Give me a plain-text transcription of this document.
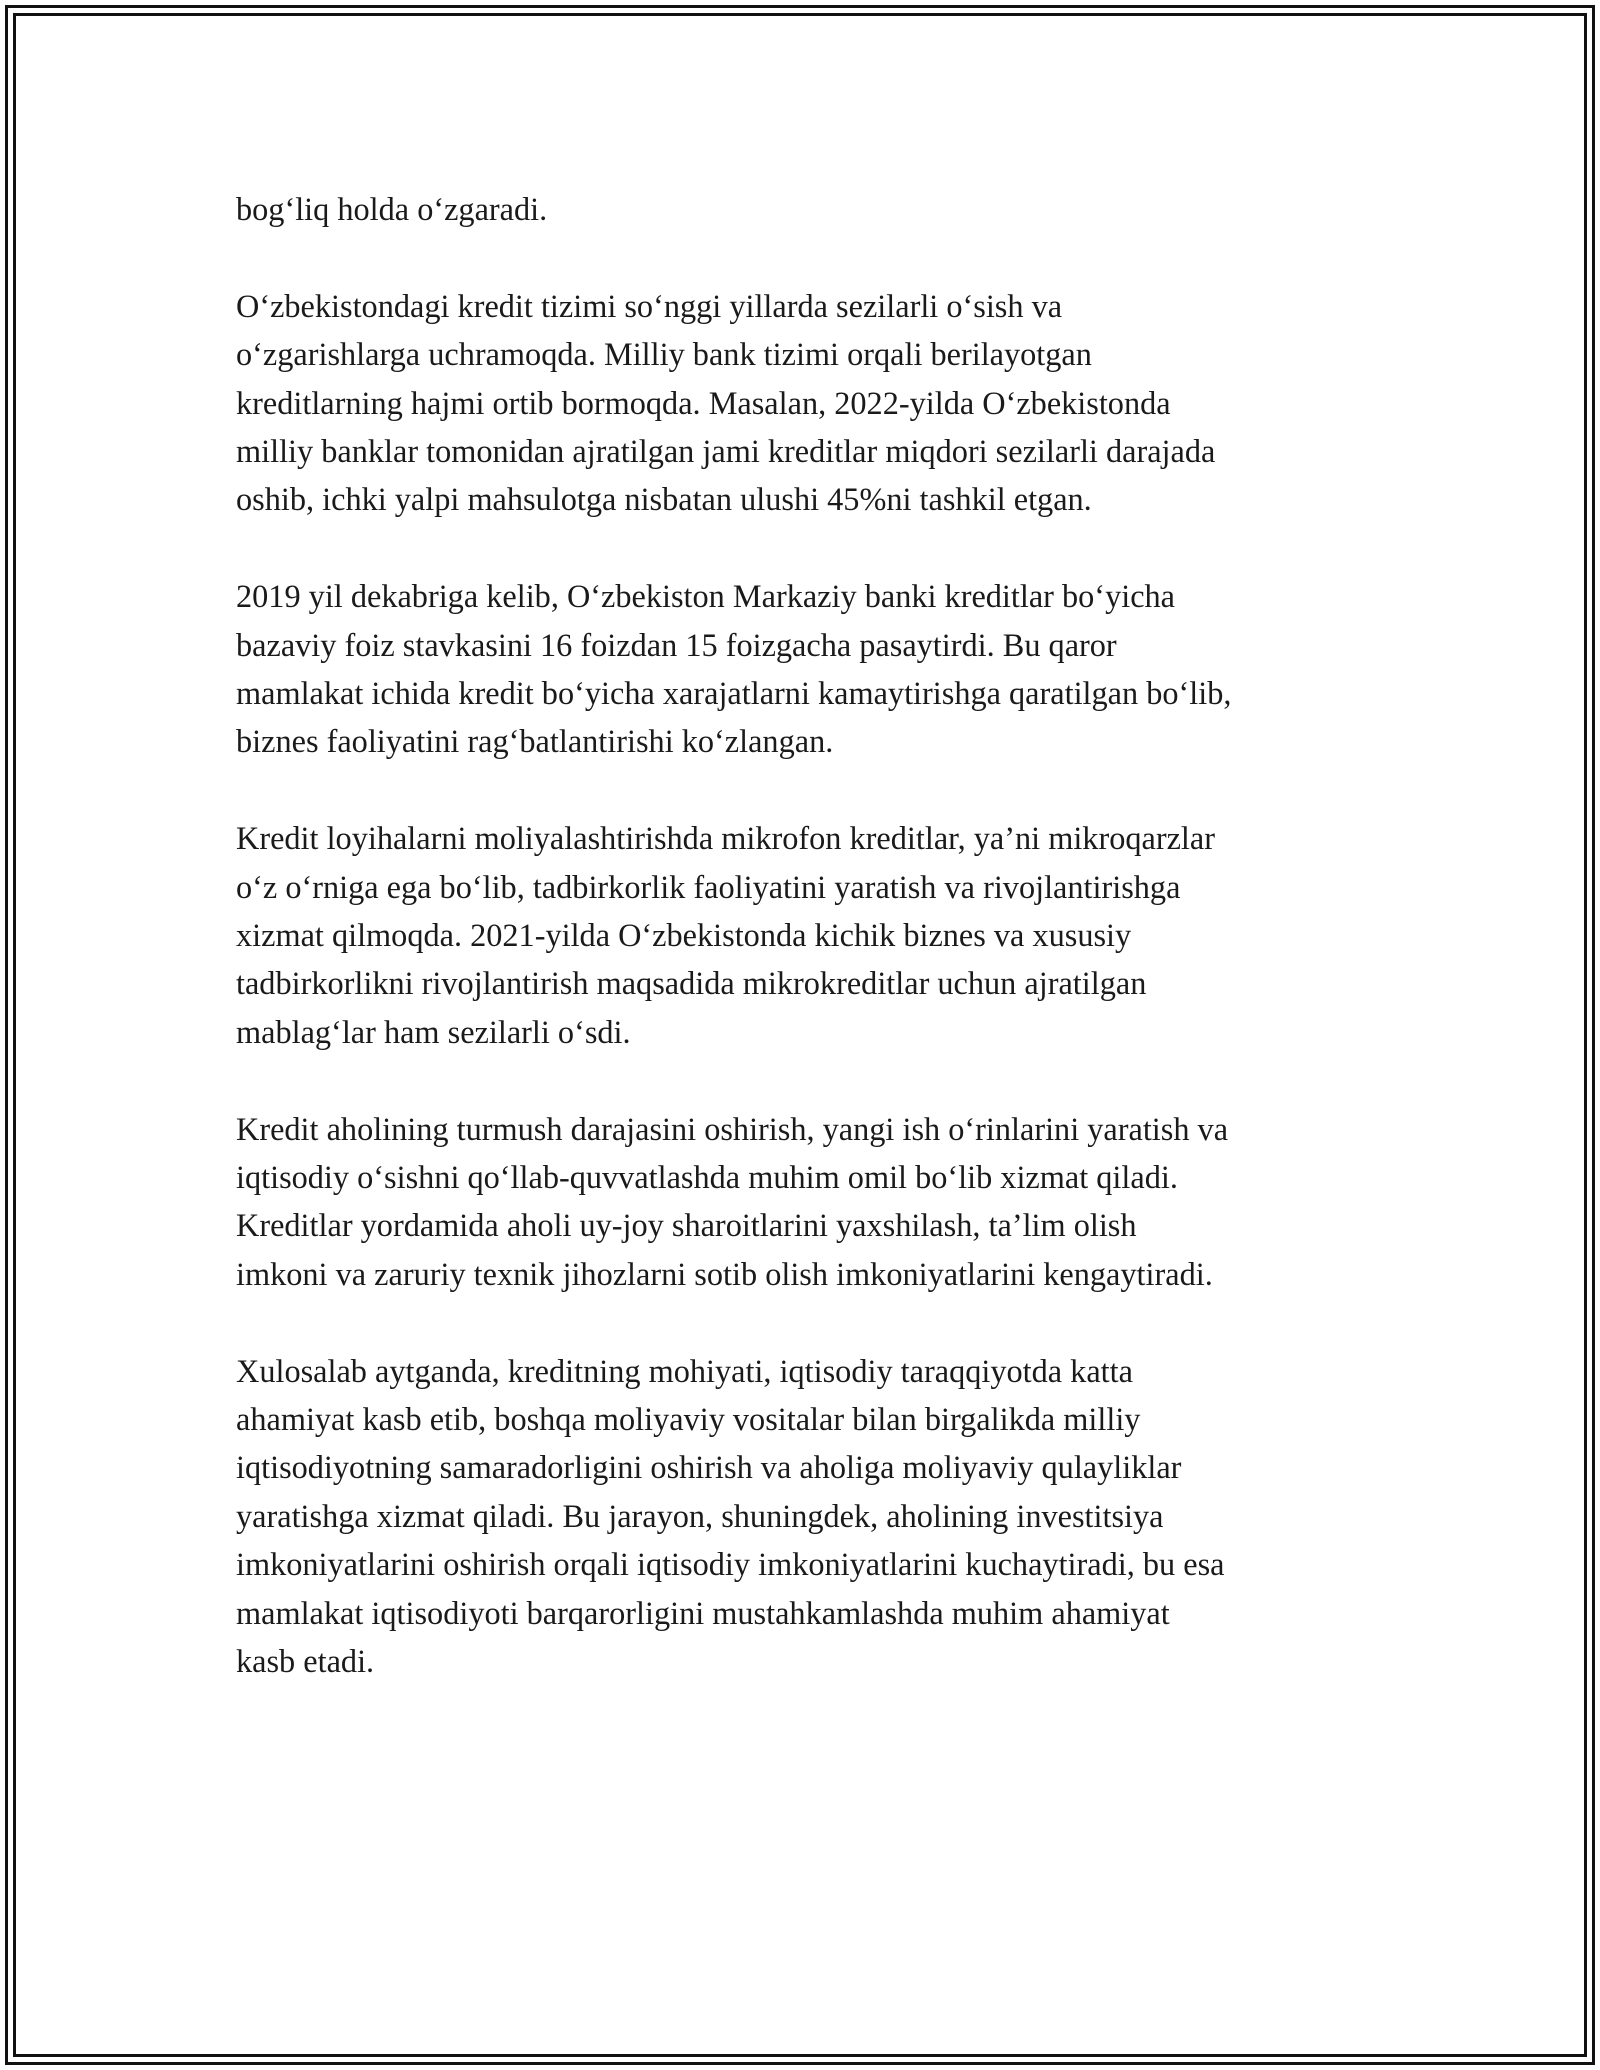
bog‘liq holda o‘zgaradi.

O‘zbekistondagi kredit tizimi so‘nggi yillarda sezilarli o‘sish va
o‘zgarishlarga uchramoqda. Milliy bank tizimi orqali berilayotgan
kreditlarning hajmi ortib bormoqda. Masalan, 2022-yilda O‘zbekistonda
milliy banklar tomonidan ajratilgan jami kreditlar miqdori sezilarli darajada
oshib, ichki yalpi mahsulotga nisbatan ulushi 45%ni tashkil etgan.

2019 yil dekabriga kelib, O‘zbekiston Markaziy banki kreditlar bo‘yicha
bazaviy foiz stavkasini 16 foizdan 15 foizgacha pasaytirdi. Bu qaror
mamlakat ichida kredit bo‘yicha xarajatlarni kamaytirishga qaratilgan bo‘lib,
biznes faoliyatini rag‘batlantirishi ko‘zlangan.

Kredit loyihalarni moliyalashtirishda mikrofon kreditlar, ya’ni mikroqarzlar
o‘z o‘rniga ega bo‘lib, tadbirkorlik faoliyatini yaratish va rivojlantirishga
xizmat qilmoqda. 2021-yilda O‘zbekistonda kichik biznes va xususiy
tadbirkorlikni rivojlantirish maqsadida mikrokreditlar uchun ajratilgan
mablag‘lar ham sezilarli o‘sdi.

Kredit aholining turmush darajasini oshirish, yangi ish o‘rinlarini yaratish va
iqtisodiy o‘sishni qo‘llab-quvvatlashda muhim omil bo‘lib xizmat qiladi.
Kreditlar yordamida aholi uy-joy sharoitlarini yaxshilash, ta’lim olish
imkoni va zaruriy texnik jihozlarni sotib olish imkoniyatlarini kengaytiradi.

Xulosalab aytganda, kreditning mohiyati, iqtisodiy taraqqiyotda katta
ahamiyat kasb etib, boshqa moliyaviy vositalar bilan birgalikda milliy
iqtisodiyotning samaradorligini oshirish va aholiga moliyaviy qulayliklar
yaratishga xizmat qiladi. Bu jarayon, shuningdek, aholining investitsiya
imkoniyatlarini oshirish orqali iqtisodiy imkoniyatlarini kuchaytiradi, bu esa
mamlakat iqtisodiyoti barqarorligini mustahkamlashda muhim ahamiyat
kasb etadi.
